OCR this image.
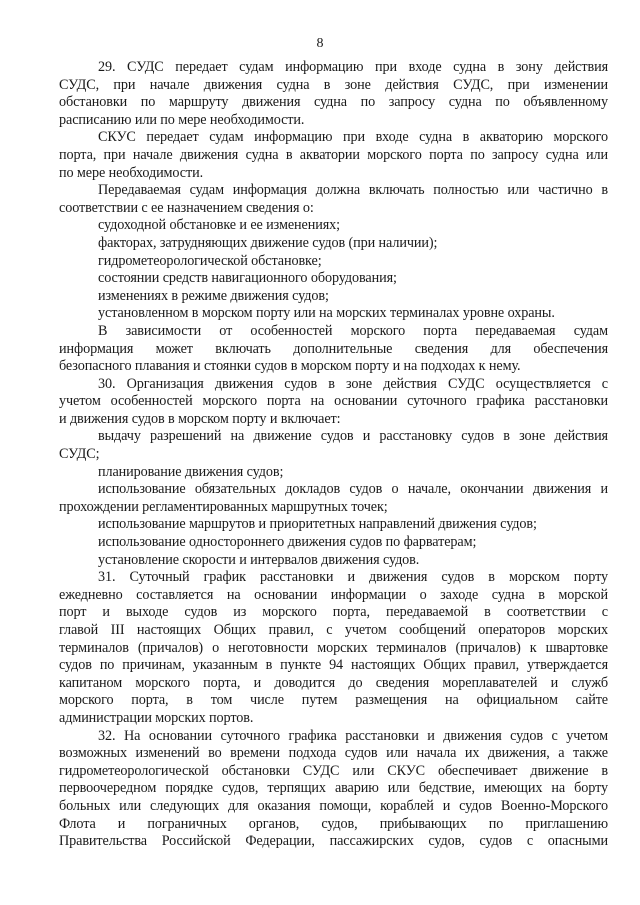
8
29. СУДС передает судам информацию при входе судна в зону действия
СУДС, при начале движения судна в зоне действия СУДС, при изменении
обстановки по маршруту движения судна по запросу судна по объявленному
расписанию или по мере необходимости.
СКУС передает судам информацию при входе судна в акваторию морского
порта, при начале движения судна в акватории морского порта по запросу судна или
по мере необходимости.
Передаваемая судам информация должна включать полностью или частично в
соответствии с ее назначением сведения о:
судоходной обстановке и ее изменениях;
факторах, затрудняющих движение судов (при наличии);
гидрометеорологической обстановке;
состоянии средств навигационного оборудования;
изменениях в режиме движения судов;
установленном в морском порту или на морских терминалах уровне охраны.
В зависимости от особенностей морского порта передаваемая судам
информация может включать дополнительные сведения для обеспечения
безопасного плавания и стоянки судов в морском порту и на подходах к нему.
30. Организация движения судов в зоне действия СУДС осуществляется с
учетом особенностей морского порта на основании суточного графика расстановки
и движения судов в морском порту и включает:
выдачу разрешений на движение судов и расстановку судов в зоне действия
СУДС;
планирование движения судов;
использование обязательных докладов судов о начале, окончании движения и
прохождении регламентированных маршрутных точек;
использование маршрутов и приоритетных направлений движения судов;
использование одностороннего движения судов по фарватерам;
установление скорости и интервалов движения судов.
31. Суточный график расстановки и движения судов в морском порту
ежедневно составляется на основании информации о заходе судна в морской
порт и выходе судов из морского порта, передаваемой в соответствии с
главой III настоящих Общих правил, с учетом сообщений операторов морских
терминалов (причалов) о неготовности морских терминалов (причалов) к швартовке
судов по причинам, указанным в пункте 94 настоящих Общих правил, утверждается
капитаном морского порта, и доводится до сведения мореплавателей и служб
морского порта, в том числе путем размещения на официальном сайте
администрации морских портов.
32. На основании суточного графика расстановки и движения судов с учетом
возможных изменений во времени подхода судов или начала их движения, а также
гидрометеорологической обстановки СУДС или СКУС обеспечивает движение в
первоочередном порядке судов, терпящих аварию или бедствие, имеющих на борту
больных или следующих для оказания помощи, кораблей и судов Военно-Морского
Флота и пограничных органов, судов, прибывающих по приглашению
Правительства Российской Федерации, пассажирских судов, судов с опасными
